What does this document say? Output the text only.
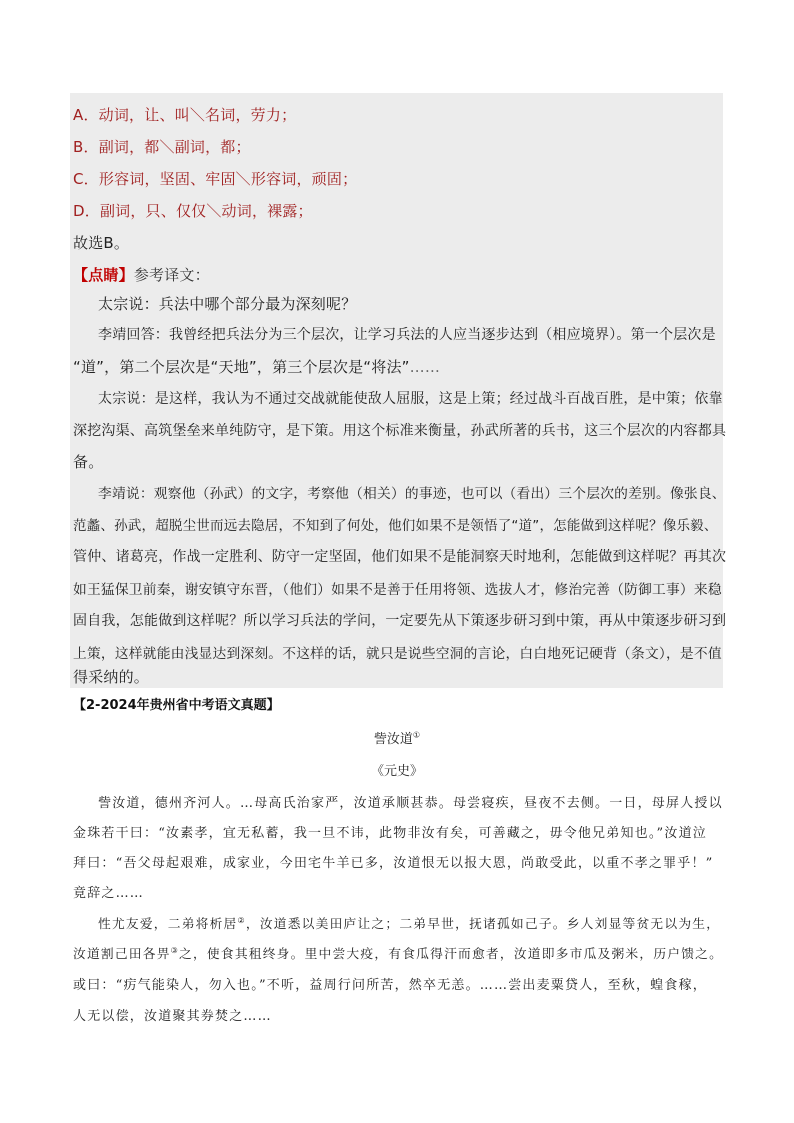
A．动词，让、叫＼名词，劳力；
B．副词，都＼副词，都；
C．形容词，坚固、牢固＼形容词，顽固；
D．副词，只、仅仅＼动词，裸露；
故选B。
【点睛】参考译文：
太宗说：兵法中哪个部分最为深刻呢？
李靖回答：我曾经把兵法分为三个层次，让学习兵法的人应当逐步达到（相应境界）。第一个层次是
“道”，第二个层次是“天地”，第三个层次是“将法”……
太宗说：是这样，我认为不通过交战就能使敌人屈服，这是上策；经过战斗百战百胜，是中策；依靠
深挖沟渠、高筑堡垒来单纯防守，是下策。用这个标准来衡量，孙武所著的兵书，这三个层次的内容都具
备。
李靖说：观察他（孙武）的文字，考察他（相关）的事迹，也可以（看出）三个层次的差别。像张良、
范蠡、孙武，超脱尘世而远去隐居，不知到了何处，他们如果不是领悟了“道”，怎能做到这样呢？像乐毅、
管仲、诸葛亮，作战一定胜利、防守一定坚固，他们如果不是能洞察天时地利，怎能做到这样呢？再其次
如王猛保卫前秦，谢安镇守东晋，（他们）如果不是善于任用将领、选拔人才，修治完善（防御工事）来稳
固自我，怎能做到这样呢？所以学习兵法的学问，一定要先从下策逐步研习到中策，再从中策逐步研习到
上策，这样就能由浅显达到深刻。不这样的话，就只是说些空洞的言论，白白地死记硬背（条文），是不值
得采纳的。
【2-2024年贵州省中考语文真题】
訾汝道①
《元史》
訾汝道，德州齐河人。…母高氏治家严，汝道承顺甚恭。母尝寝疾，昼夜不去侧。一日，母屏人授以
金珠若干曰：“汝素孝，宜无私蓄，我一旦不讳，此物非汝有矣，可善藏之，毋令他兄弟知也。”汝道泣
拜曰：“吾父母起艰难，成家业，今田宅牛羊已多，汝道恨无以报大恩，尚敢受此，以重不孝之罪乎！”
竟辞之……
性尤友爱，二弟将析居②，汝道悉以美田庐让之；二弟早世，抚诸孤如己子。乡人刘显等贫无以为生，
汝道割己田各畀③之，使食其租终身。里中尝大疫，有食瓜得汗而愈者，汝道即多市瓜及粥米，历户馈之。
或曰：“疠气能染人，勿入也。”不听，益周行问所苦，然卒无恙。……尝出麦粟贷人，至秋，蝗食稼，
人无以偿，汝道聚其券焚之……
